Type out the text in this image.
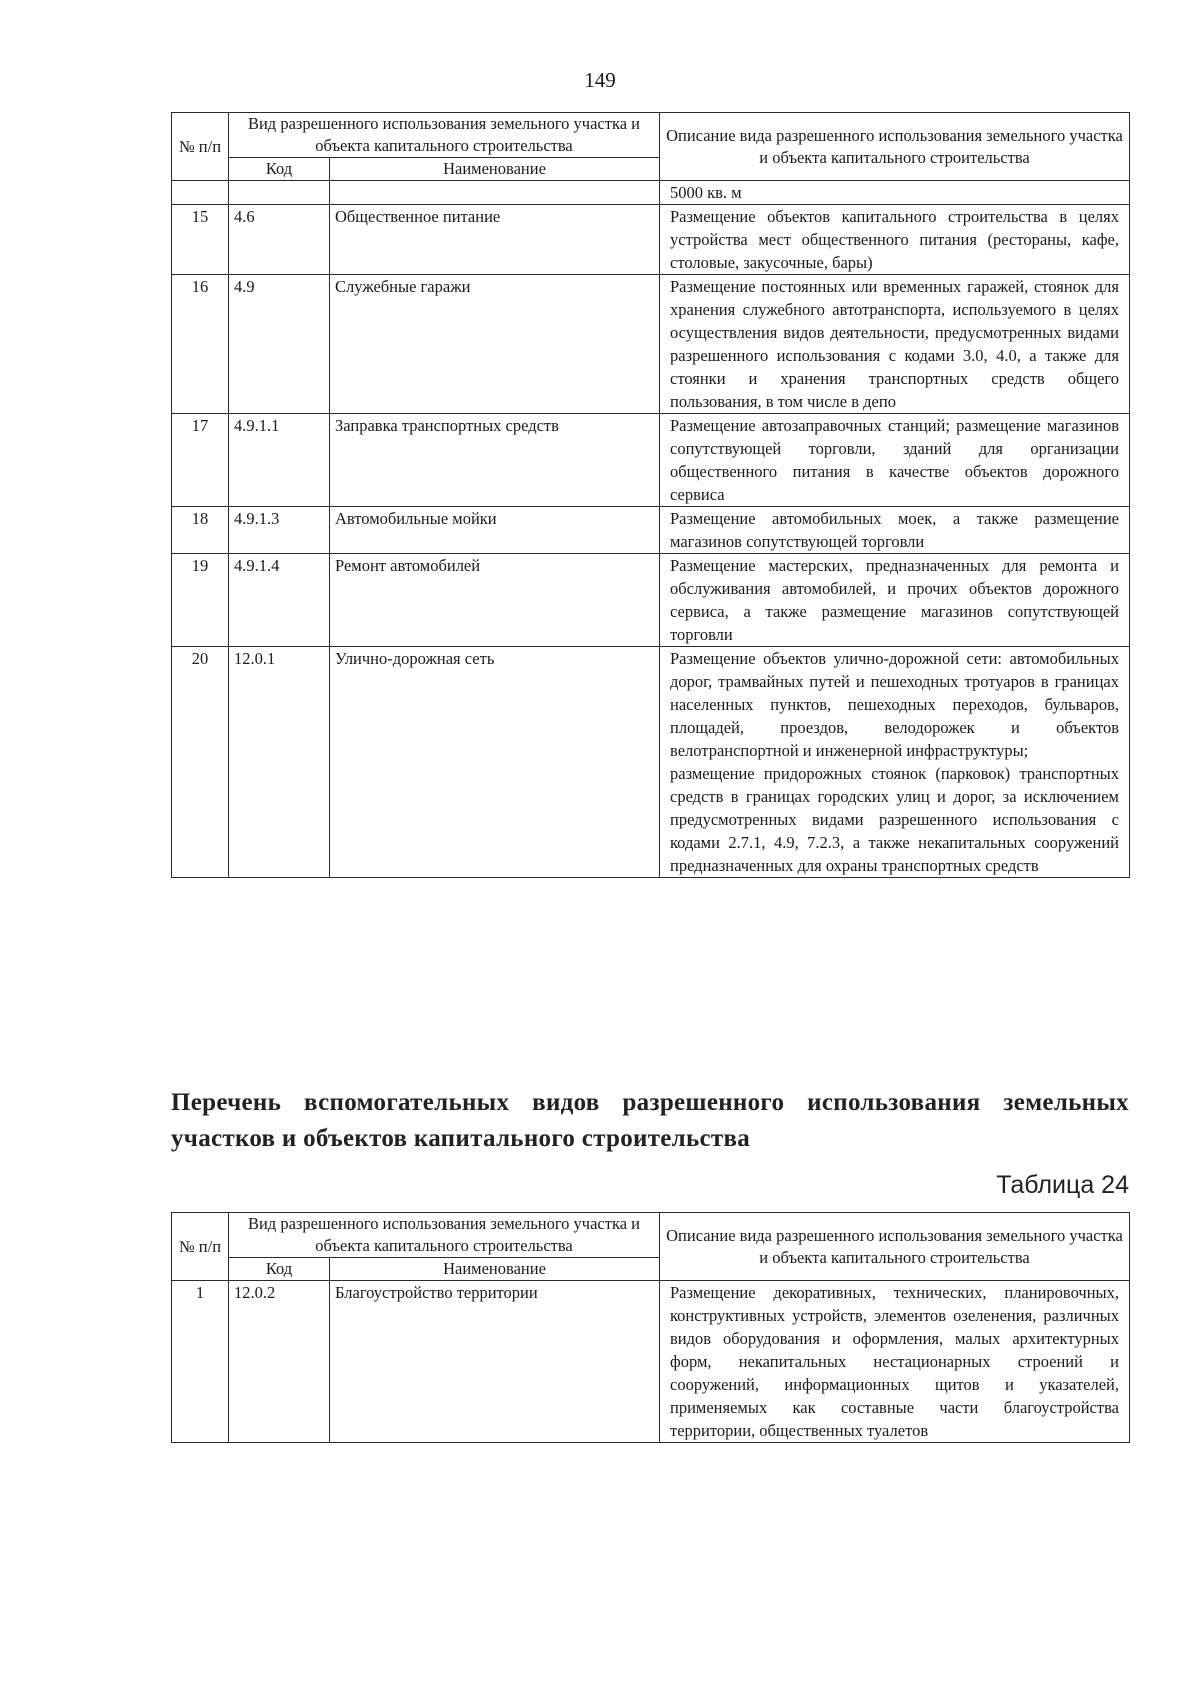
149
№ п/п	Вид разрешенного использования земельного участка и объекта капитального строительства		Описание вида разрешенного использования земельного участка и объекта капитального строительства
	Код	Наименование	
			5000 кв. м
15	4.6	Общественное питание	Размещение объектов капитального строительства в целях устройства мест общественного питания (рестораны, кафе, столовые, закусочные, бары)
16	4.9	Служебные гаражи	Размещение постоянных или временных гаражей, стоянок для хранения служебного автотранспорта, используемого в целях осуществления видов деятельности, предусмотренных видами разрешенного использования с кодами 3.0, 4.0, а также для стоянки и хранения транспортных средств общего пользования, в том числе в депо
17	4.9.1.1	Заправка транспортных средств	Размещение автозаправочных станций; размещение магазинов сопутствующей торговли, зданий для организации общественного питания в качестве объектов дорожного сервиса
18	4.9.1.3	Автомобильные мойки	Размещение автомобильных моек, а также размещение магазинов сопутствующей торговли
19	4.9.1.4	Ремонт автомобилей	Размещение мастерских, предназначенных для ремонта и обслуживания автомобилей, и прочих объектов дорожного сервиса, а также размещение магазинов сопутствующей торговли
20	12.0.1	Улично-дорожная сеть	Размещение объектов улично-дорожной сети: автомобильных дорог, трамвайных путей и пешеходных тротуаров в границах населенных пунктов, пешеходных переходов, бульваров, площадей, проездов, велодорожек и объектов велотранспортной и инженерной инфраструктуры;
размещение придорожных стоянок (парковок) транспортных средств в границах городских улиц и дорог, за исключением предусмотренных видами разрешенного использования с кодами 2.7.1, 4.9, 7.2.3, а также некапитальных сооружений предназначенных для охраны транспортных средств
Перечень вспомогательных видов разрешенного использования земельных участков и объектов капитального строительства
Таблица 24
№ п/п	Вид разрешенного использования земельного участка и объекта капитального строительства		Описание вида разрешенного использования земельного участка и объекта капитального строительства
	Код	Наименование	
1	12.0.2	Благоустройство территории	Размещение декоративных, технических, планировочных, конструктивных устройств, элементов озеленения, различных видов оборудования и оформления, малых архитектурных форм, некапитальных нестационарных строений и сооружений, информационных щитов и указателей, применяемых как составные части благоустройства территории, общественных туалетов
